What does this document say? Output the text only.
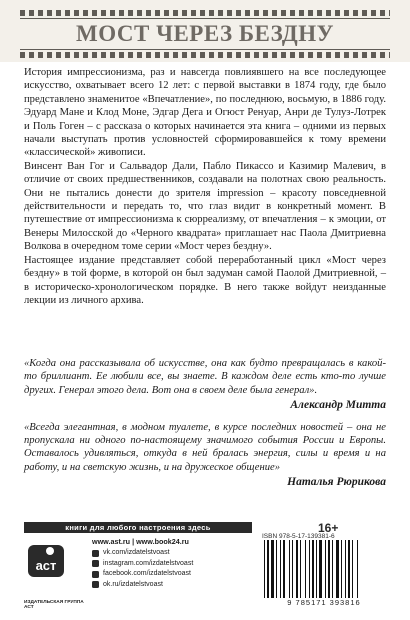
МОСТ ЧЕРЕЗ БЕЗДНУ

История импрессионизма, раз и навсегда повлиявшего на все последующее искусство, охватывает всего 12 лет: с первой выставки в 1874 году, где было представлено знаменитое «Впечатление», по последнюю, восьмую, в 1886 году. Эдуард Мане и Клод Моне, Эдгар Дега и Огюст Ренуар, Анри де Тулуз-Лотрек и Поль Гоген – с рассказа о которых начинается эта книга – одними из первых начали выступать против условностей сформировавшейся к тому времени «классической» живописи.

Винсент Ван Гог и Сальвадор Дали, Пабло Пикассо и Казимир Малевич, в отличие от своих предшественников, создавали на полотнах свою реальность. Они не пытались донести до зрителя impression – красоту повседневной действительности и передать то, что глаз видит в конкретный момент. В путешествие от импрессионизма к сюрреализму, от впечатления – к эмоции, от Венеры Милосской до «Черного квадрата» приглашает нас Паола Дмитриевна Волкова в очередном томе серии «Мост через бездну».

Настоящее издание представляет собой переработанный цикл «Мост через бездну» в той форме, в которой он был задуман самой Паолой Дмитриевной, – в историческо-хронологическом порядке. В него также войдут неизданные лекции из личного архива.

«Когда она рассказывала об искусстве, она как будто превращалась в какой-то бриллиант. Ее любили все, вы знаете. В каждом деле есть кто-то лучше других. Генерал этого дела. Вот она в своем деле была генерал».

Александр Митта

«Всегда элегантная, в модном туалете, в курсе последних новостей – она не пропускала ни одного по-настоящему значимого события России и Европы. Оставалось удивляться, откуда в ней бралась энергия, силы и время и на работу, и на светскую жизнь, и на дружеское общение»

Наталья Рюрикова

книги для любого настроения здесь	16+
ISBN 978-5-17-139381-6
9 785171 393816
аст
ИЗДАТЕЛЬСКАЯ ГРУППА АСТ
www.ast.ru | www.book24.ru
vk.com/izdatelstvoast
instagram.com/izdatelstvoast
facebook.com/izdatelstvoast
ok.ru/izdatelstvoast
